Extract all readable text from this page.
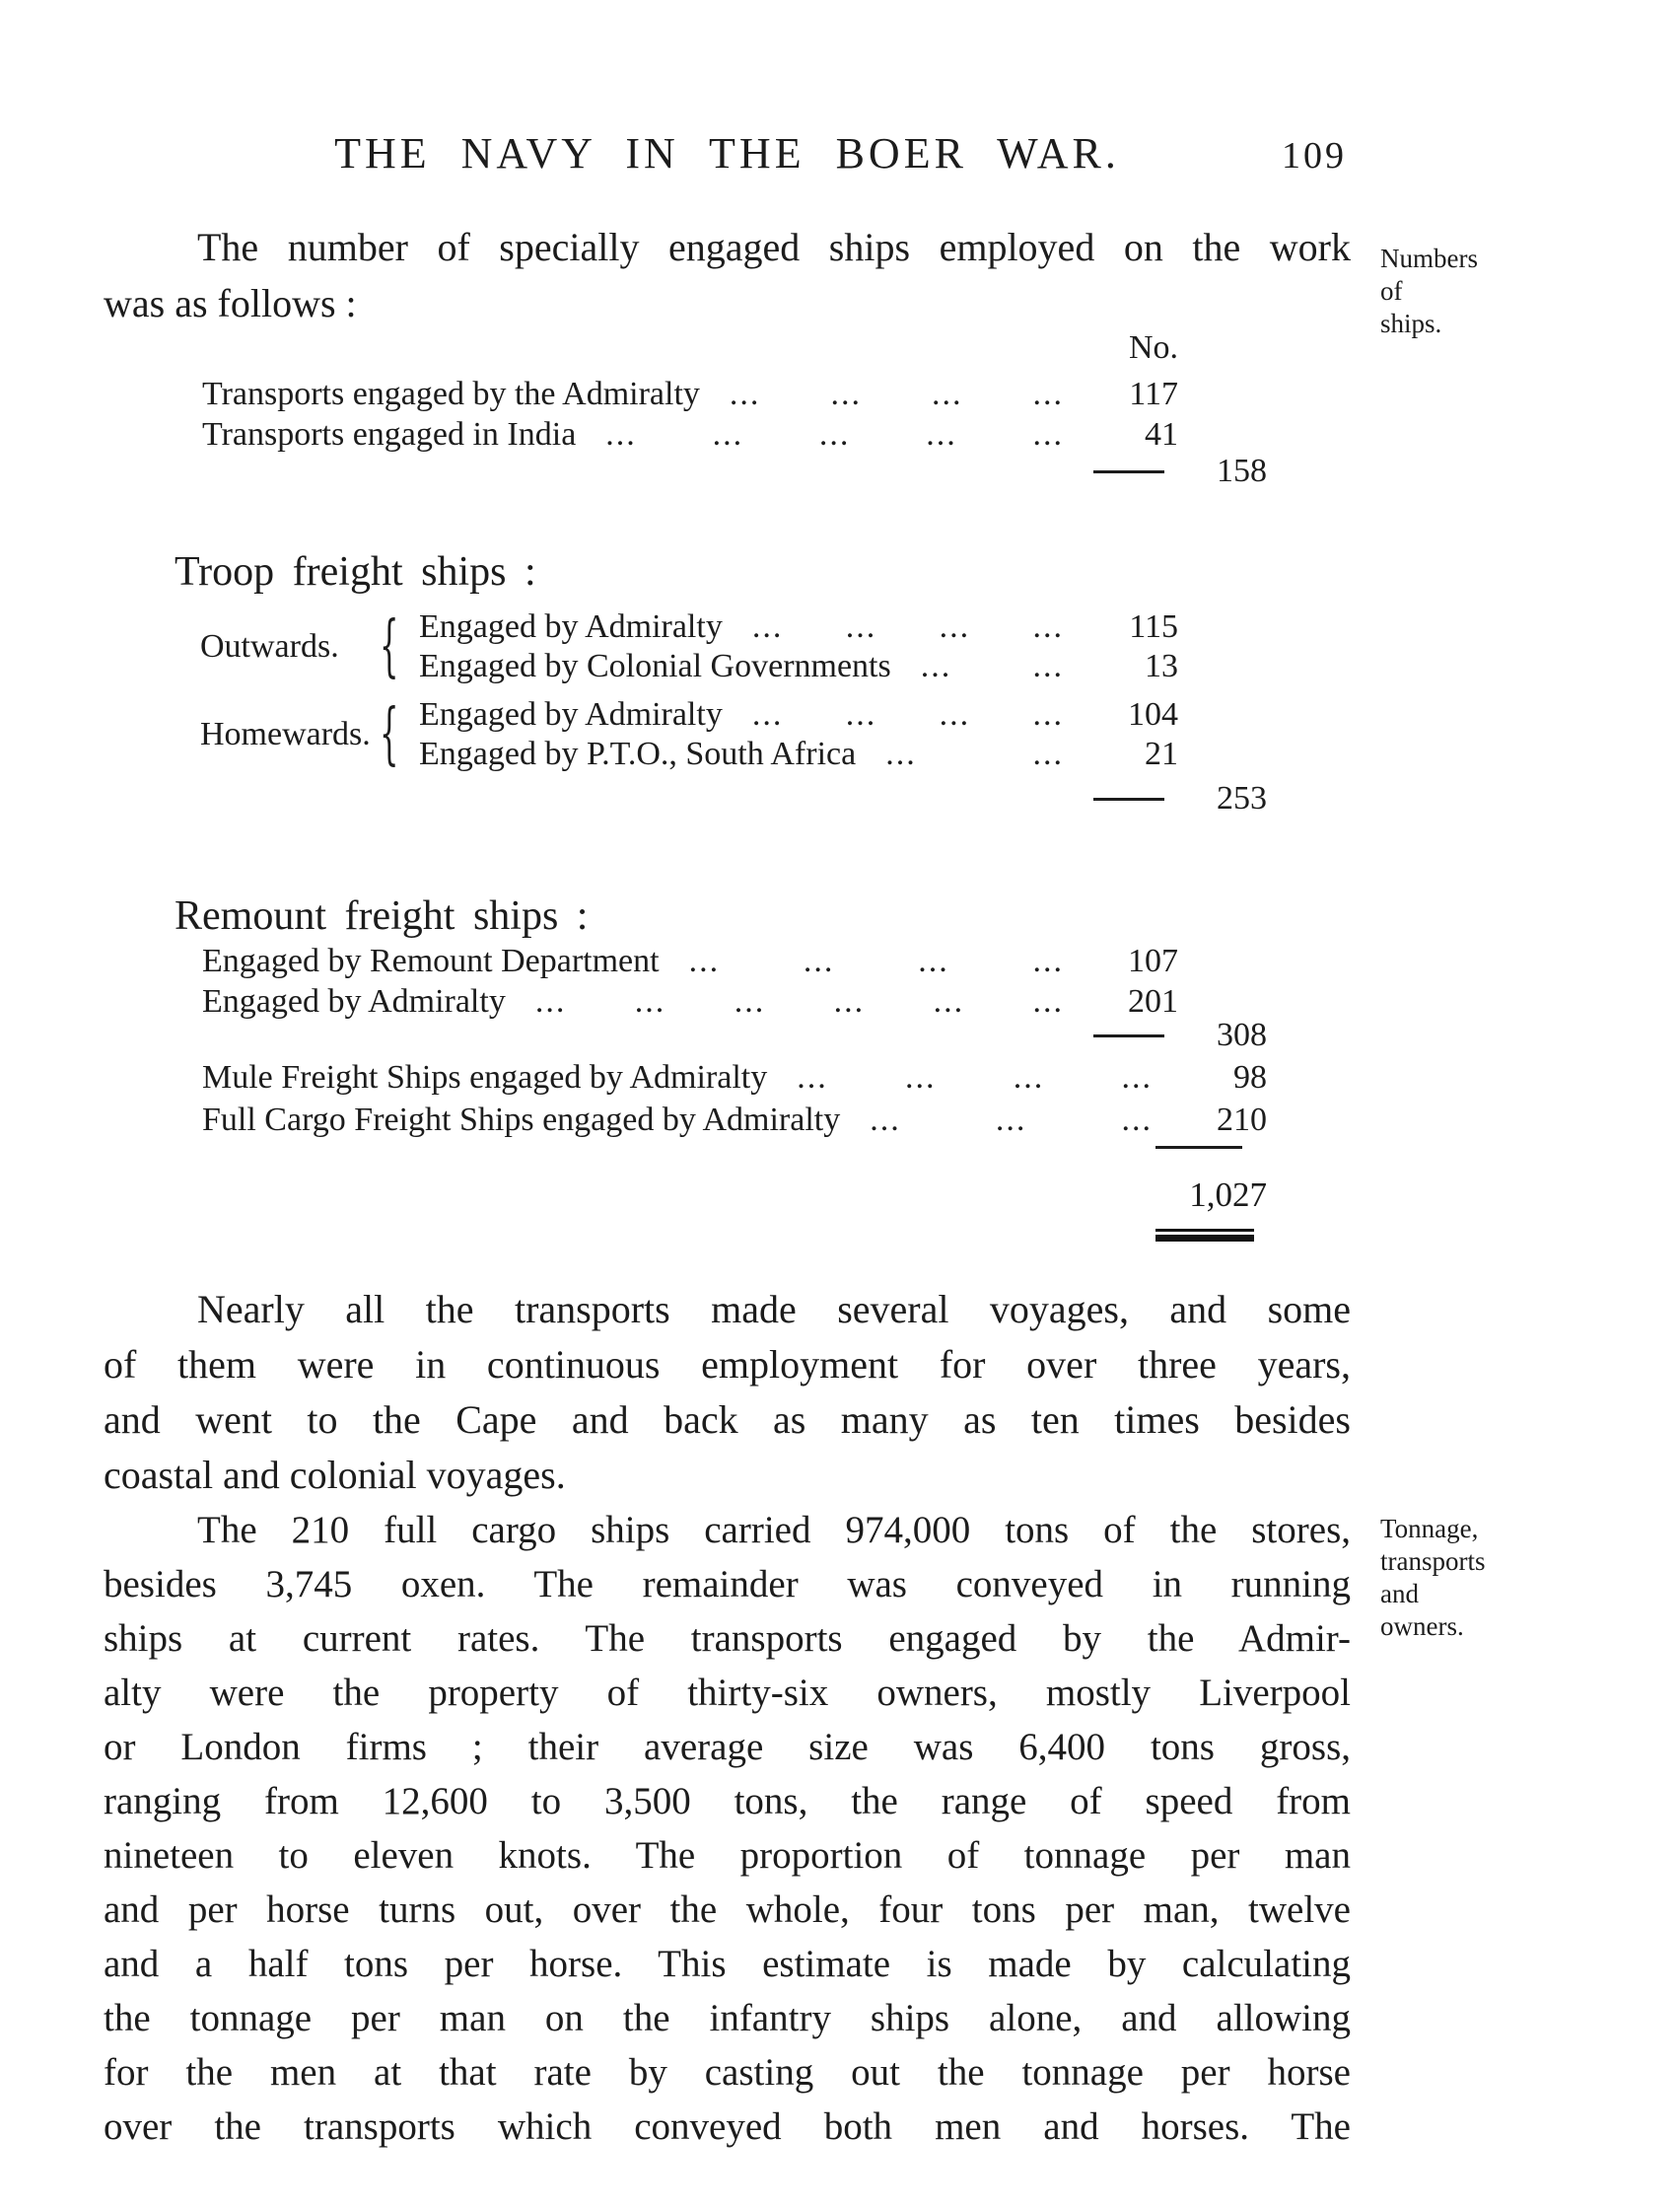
THE NAVY IN THE BOER WAR.	109
Numbers
of
ships.
The number of specially engaged ships employed on the work
was as follows :
No.
Transports engaged by the Admiralty ... ... ... ...	117
Transports engaged in India ... ... ... ... ...	41
158
Troop freight ships :
Outwards. { Engaged by Admiralty ... ... ... ...	115
Engaged by Colonial Governments ... ...	13
Homewards. { Engaged by Admiralty ... ... ... ...	104
Engaged by P.T.O., South Africa ... ...	21
253
Remount freight ships :
Engaged by Remount Department ... ... ... ...	107
Engaged by Admiralty ... ... ... ... ... ...	201
308
Mule Freight Ships engaged by Admiralty ... ... ... ...	98
Full Cargo Freight Ships engaged by Admiralty ... ... ...	210
1,027
Nearly all the transports made several voyages, and some
of them were in continuous employment for over three years,
and went to the Cape and back as many as ten times besides
coastal and colonial voyages.
The 210 full cargo ships carried 974,000 tons of the stores,
besides 3,745 oxen. The remainder was conveyed in running
ships at current rates. The transports engaged by the Admir-
alty were the property of thirty-six owners, mostly Liverpool
or London firms ; their average size was 6,400 tons gross,
ranging from 12,600 to 3,500 tons, the range of speed from
nineteen to eleven knots. The proportion of tonnage per man
and per horse turns out, over the whole, four tons per man, twelve
and a half tons per horse. This estimate is made by calculating
the tonnage per man on the infantry ships alone, and allowing
for the men at that rate by casting out the tonnage per horse
over the transports which conveyed both men and horses. The
Tonnage,
transports
and
owners.
